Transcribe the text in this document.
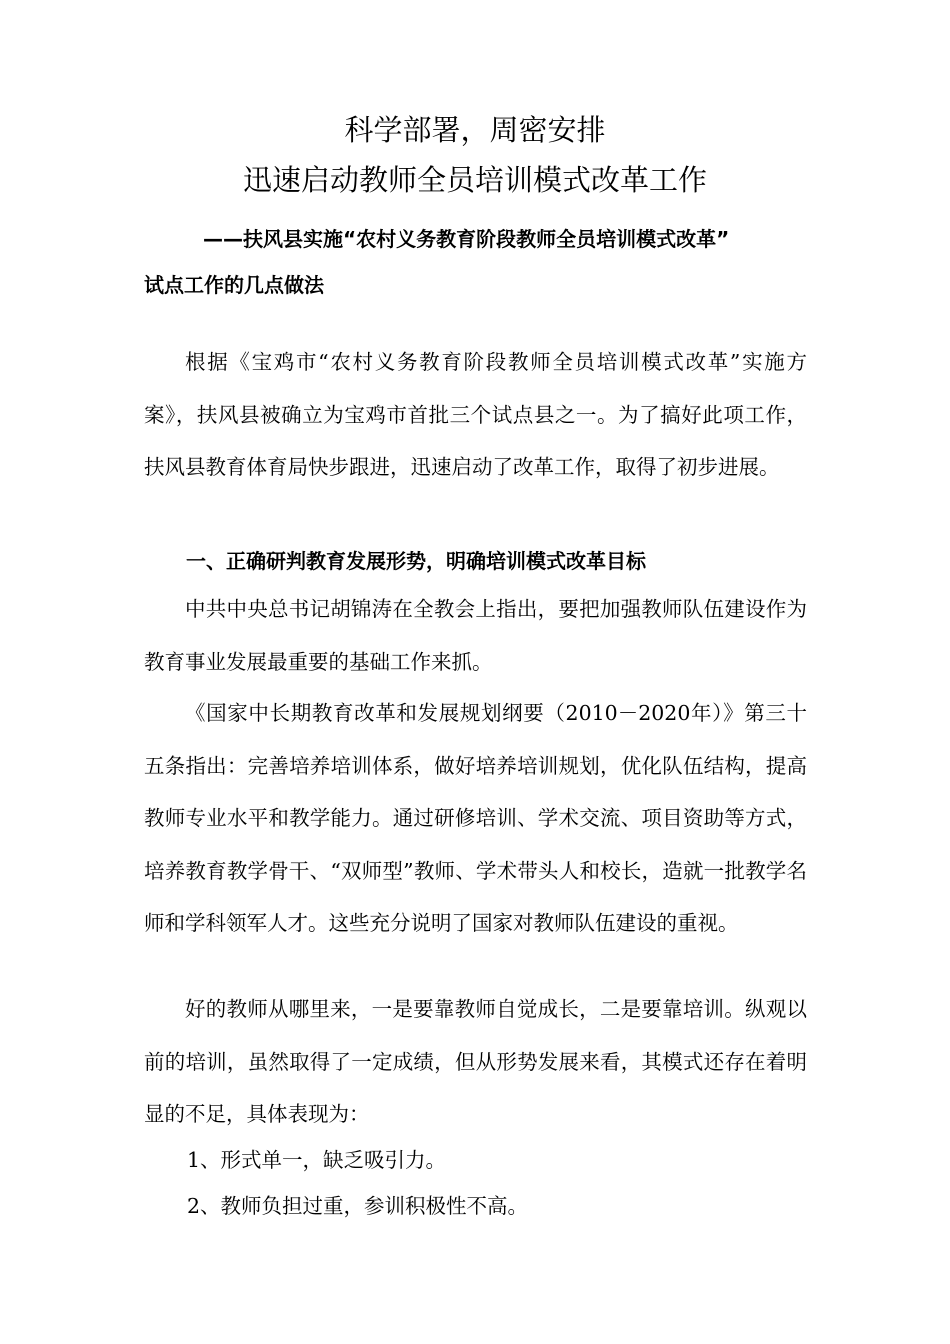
科学部署，周密安排
迅速启动教师全员培训模式改革工作
——扶风县实施“农村义务教育阶段教师全员培训模式改革”
试点工作的几点做法

根据《宝鸡市“农村义务教育阶段教师全员培训模式改革”实施方案》，扶风县被确立为宝鸡市首批三个试点县之一。为了搞好此项工作，扶风县教育体育局快步跟进，迅速启动了改革工作，取得了初步进展。

一、正确研判教育发展形势，明确培训模式改革目标

中共中央总书记胡锦涛在全教会上指出，要把加强教师队伍建设作为教育事业发展最重要的基础工作来抓。

《国家中长期教育改革和发展规划纲要（2010－2020年）》第三十五条指出：完善培养培训体系，做好培养培训规划，优化队伍结构，提高教师专业水平和教学能力。通过研修培训、学术交流、项目资助等方式，培养教育教学骨干、“双师型”教师、学术带头人和校长，造就一批教学名师和学科领军人才。这些充分说明了国家对教师队伍建设的重视。

好的教师从哪里来，一是要靠教师自觉成长，二是要靠培训。纵观以前的培训，虽然取得了一定成绩，但从形势发展来看，其模式还存在着明显的不足，具体表现为：

1、形式单一，缺乏吸引力。
2、教师负担过重，参训积极性不高。
